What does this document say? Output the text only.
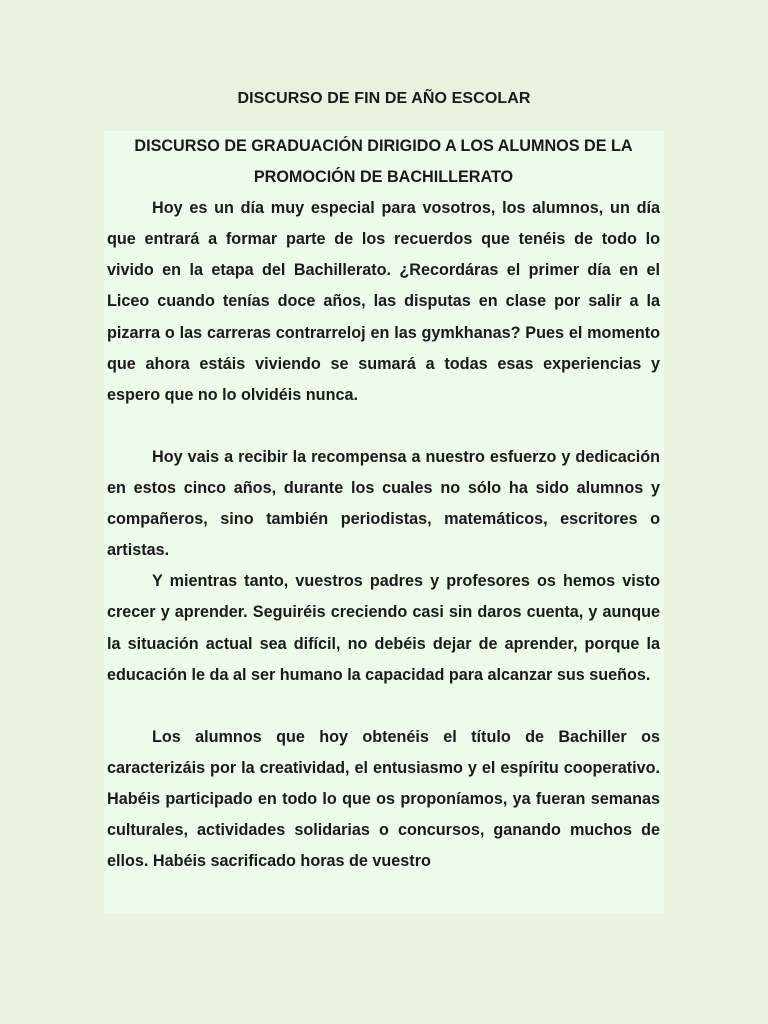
DISCURSO DE FIN DE AÑO ESCOLAR

DISCURSO DE GRADUACIÓN DIRIGIDO A LOS ALUMNOS DE LA PROMOCIÓN DE BACHILLERATO

Hoy es un día muy especial para vosotros, los alumnos, un día que entrará a formar parte de los recuerdos que tenéis de todo lo vivido en la etapa del Bachillerato. ¿Recordáras el primer día en el Liceo cuando tenías doce años, las disputas en clase por salir a la pizarra o las carreras contrarreloj en las gymkhanas? Pues el momento que ahora estáis viviendo se sumará a todas esas experiencias y espero que no lo olvidéis nunca.

Hoy vais a recibir la recompensa a nuestro esfuerzo y dedicación en estos cinco años, durante los cuales no sólo ha sido alumnos y compañeros, sino también periodistas, matemáticos, escritores o artistas.

Y mientras tanto, vuestros padres y profesores os hemos visto crecer y aprender. Seguiréis creciendo casi sin daros cuenta, y aunque la situación actual sea difícil, no debéis dejar de aprender, porque la educación le da al ser humano la capacidad para alcanzar sus sueños.

Los alumnos que hoy obtenéis el título de Bachiller os caracterizáis por la creatividad, el entusiasmo y el espíritu cooperativo. Habéis participado en todo lo que os proponíamos, ya fueran semanas culturales, actividades solidarias o concursos, ganando muchos de ellos. Habéis sacrificado horas de vuestro
